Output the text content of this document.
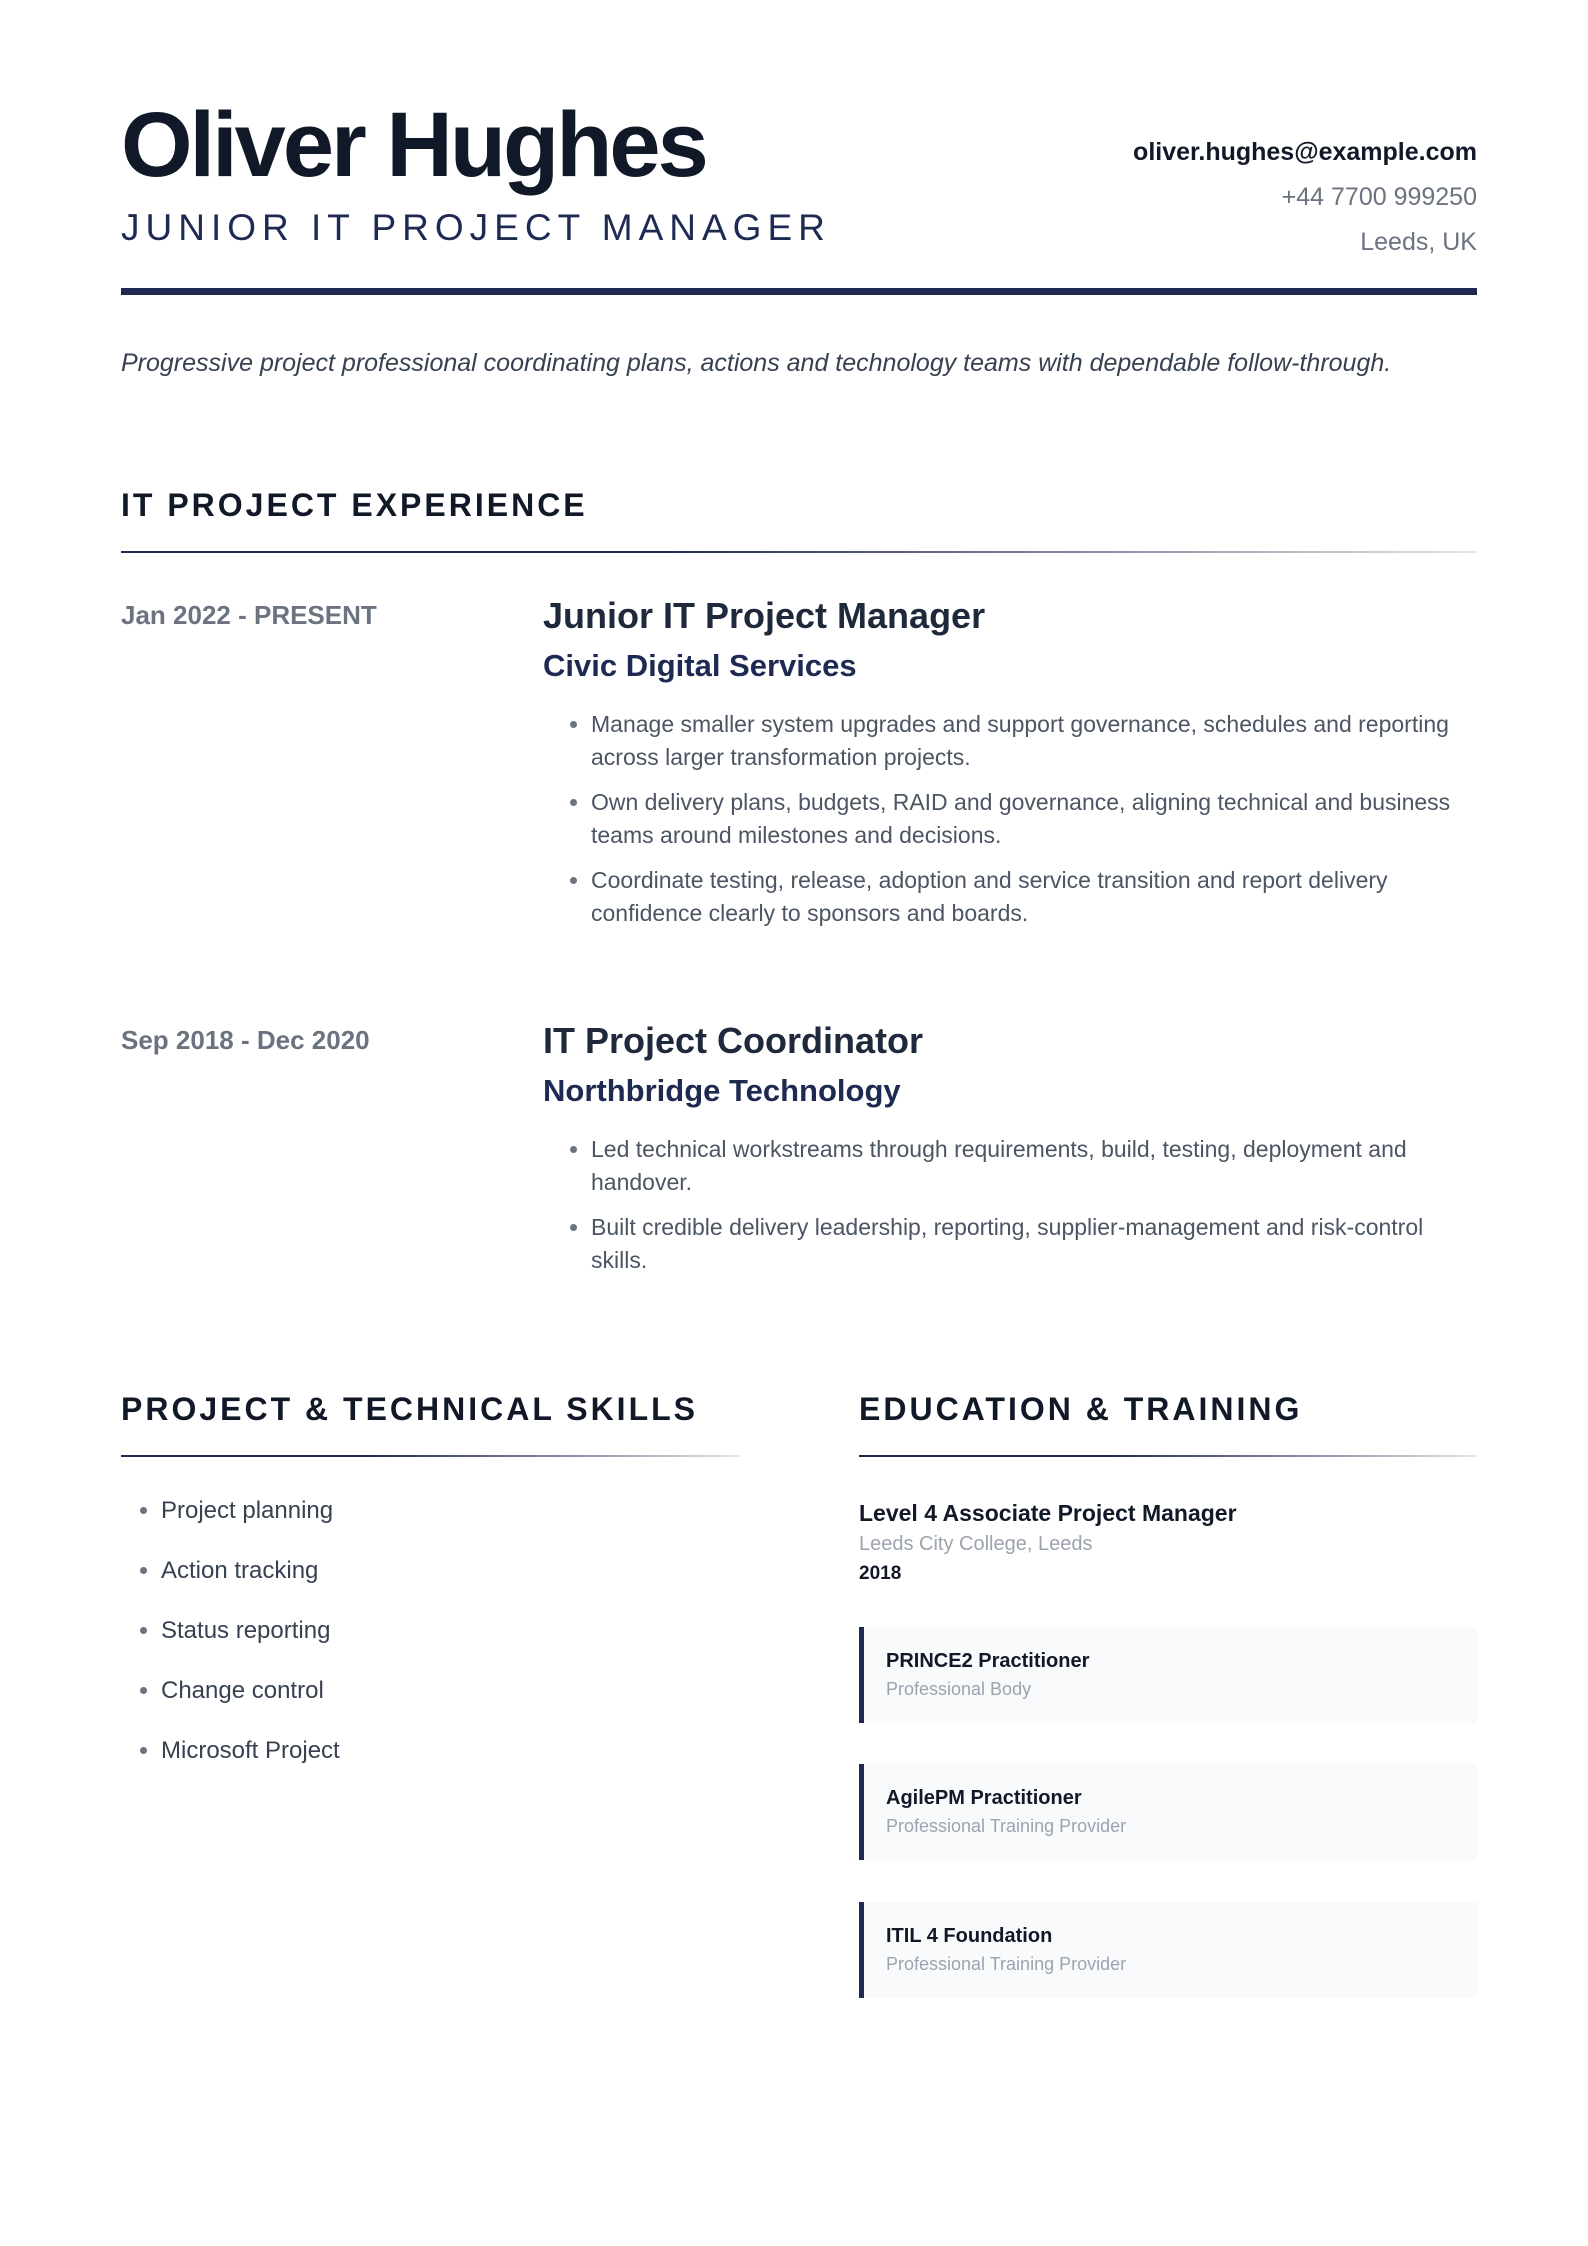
Oliver Hughes
JUNIOR IT PROJECT MANAGER
oliver.hughes@example.com
+44 7700 999250
Leeds, UK
Progressive project professional coordinating plans, actions and technology teams with dependable follow-through.
IT PROJECT EXPERIENCE
Jan 2022 - PRESENT	Junior IT Project Manager
Civic Digital Services
• Manage smaller system upgrades and support governance, schedules and reporting across larger transformation projects.
• Own delivery plans, budgets, RAID and governance, aligning technical and business teams around milestones and decisions.
• Coordinate testing, release, adoption and service transition and report delivery confidence clearly to sponsors and boards.
Sep 2018 - Dec 2020	IT Project Coordinator
Northbridge Technology
• Led technical workstreams through requirements, build, testing, deployment and handover.
• Built credible delivery leadership, reporting, supplier-management and risk-control skills.
PROJECT & TECHNICAL SKILLS
• Project planning
• Action tracking
• Status reporting
• Change control
• Microsoft Project
EDUCATION & TRAINING
Level 4 Associate Project Manager
Leeds City College, Leeds
2018
PRINCE2 Practitioner
Professional Body
AgilePM Practitioner
Professional Training Provider
ITIL 4 Foundation
Professional Training Provider
